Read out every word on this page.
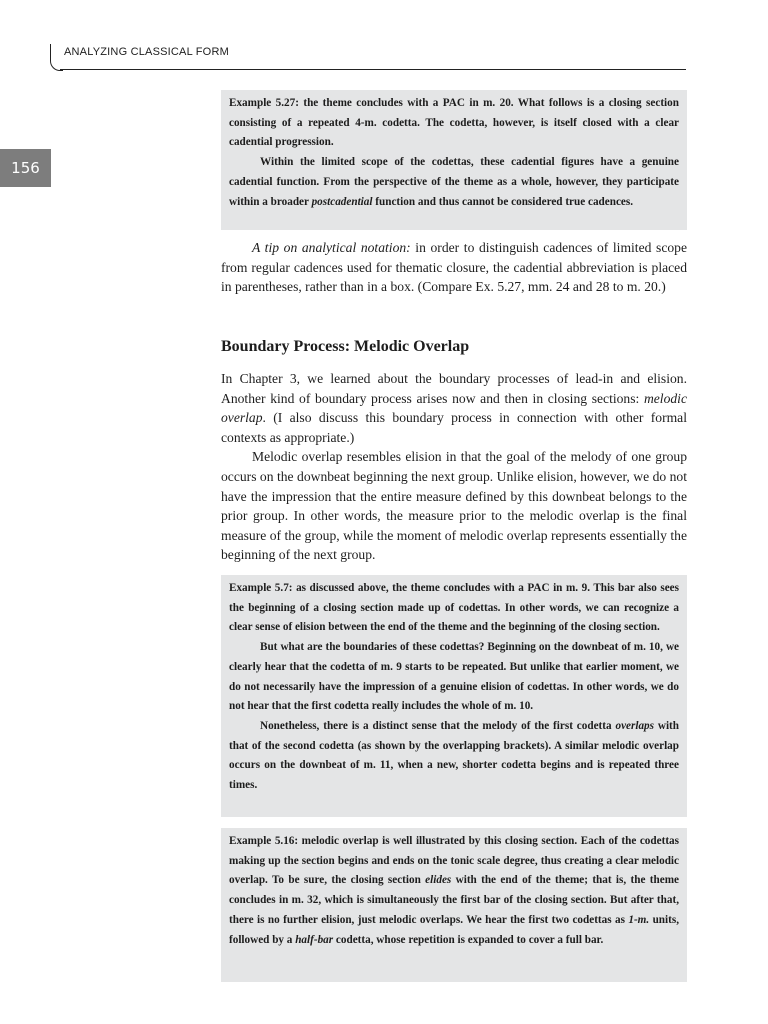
ANALYZING CLASSICAL FORM
156

Example 5.27: the theme concludes with a PAC in m. 20. What follows is a closing section consisting of a repeated 4-m. codetta. The codetta, however, is itself closed with a clear cadential progression.

Within the limited scope of the codettas, these cadential figures have a genuine cadential function. From the perspective of the theme as a whole, however, they participate within a broader postcadential function and thus cannot be considered true cadences.

A tip on analytical notation: in order to distinguish cadences of limited scope from regular cadences used for thematic closure, the cadential abbreviation is placed in parentheses, rather than in a box. (Compare Ex. 5.27, mm. 24 and 28 to m. 20.)

Boundary Process: Melodic Overlap

In Chapter 3, we learned about the boundary processes of lead-in and elision. Another kind of boundary process arises now and then in closing sections: melodic overlap. (I also discuss this boundary process in connection with other formal contexts as appropriate.)

Melodic overlap resembles elision in that the goal of the melody of one group occurs on the downbeat beginning the next group. Unlike elision, however, we do not have the impression that the entire measure defined by this downbeat belongs to the prior group. In other words, the measure prior to the melodic overlap is the final measure of the group, while the moment of melodic overlap represents essentially the beginning of the next group.

Example 5.7: as discussed above, the theme concludes with a PAC in m. 9. This bar also sees the beginning of a closing section made up of codettas. In other words, we can recognize a clear sense of elision between the end of the theme and the beginning of the closing section.

But what are the boundaries of these codettas? Beginning on the downbeat of m. 10, we clearly hear that the codetta of m. 9 starts to be repeated. But unlike that earlier moment, we do not necessarily have the impression of a genuine elision of codettas. In other words, we do not hear that the first codetta really includes the whole of m. 10.

Nonetheless, there is a distinct sense that the melody of the first codetta overlaps with that of the second codetta (as shown by the overlapping brackets). A similar melodic overlap occurs on the downbeat of m. 11, when a new, shorter codetta begins and is repeated three times.

Example 5.16: melodic overlap is well illustrated by this closing section. Each of the codettas making up the section begins and ends on the tonic scale degree, thus creating a clear melodic overlap. To be sure, the closing section elides with the end of the theme; that is, the theme concludes in m. 32, which is simultaneously the first bar of the closing section. But after that, there is no further elision, just melodic overlaps. We hear the first two codettas as 1-m. units, followed by a half-bar codetta, whose repetition is expanded to cover a full bar.
